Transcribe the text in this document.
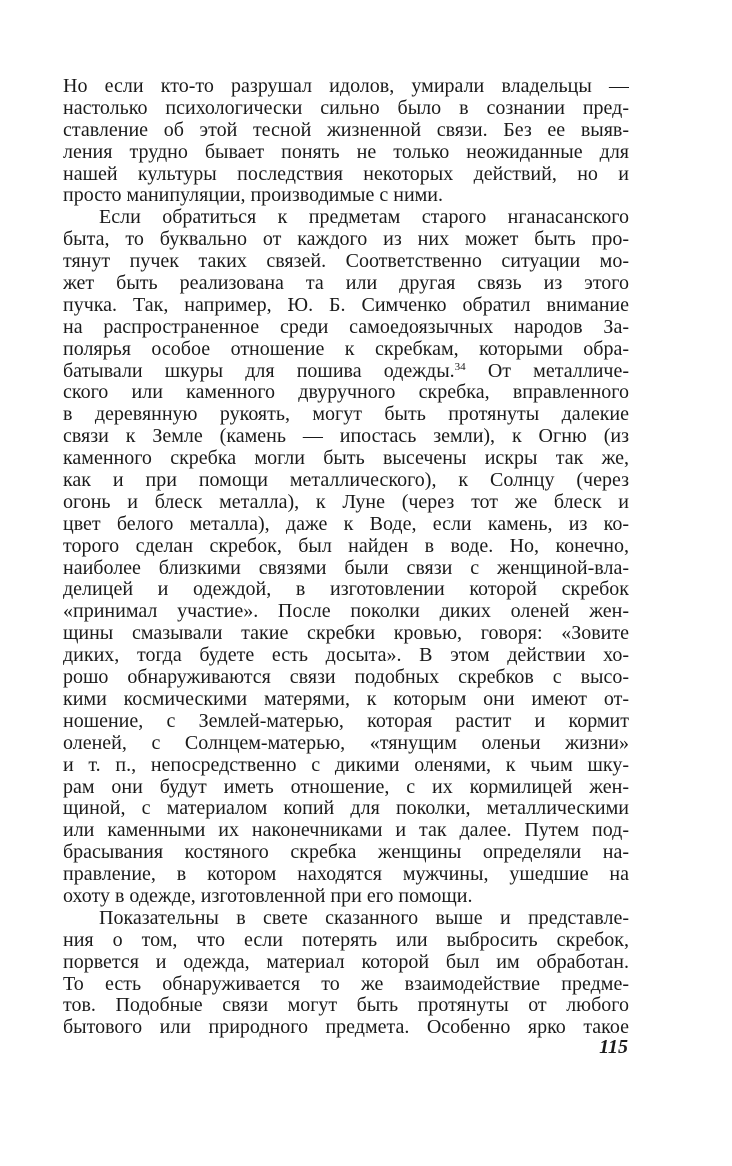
Но если кто-то разрушал идолов, умирали владельцы —
настолько психологически сильно было в сознании пред-
ставление об этой тесной жизненной связи. Без ее выяв-
ления трудно бывает понять не только неожиданные для
нашей культуры последствия некоторых действий, но и
просто манипуляции, производимые с ними.
Если обратиться к предметам старого нганасанского
быта, то буквально от каждого из них может быть про-
тянут пучек таких связей. Соответственно ситуации мо-
жет быть реализована та или другая связь из этого
пучка. Так, например, Ю. Б. Симченко обратил внимание
на распространенное среди самоедоязычных народов За-
полярья особое отношение к скребкам, которыми обра-
батывали шкуры для пошива одежды.$^{34}$ От металличе-
ского или каменного двуручного скребка, вправленного
в деревянную рукоять, могут быть протянуты далекие
связи к Земле (камень — ипостась земли), к Огню (из
каменного скребка могли быть высечены искры так же,
как и при помощи металлического), к Солнцу (через
огонь и блеск металла), к Луне (через тот же блеск и
цвет белого металла), даже к Воде, если камень, из ко-
торого сделан скребок, был найден в воде. Но, конечно,
наиболее близкими связями были связи с женщиной-вла-
делицей и одеждой, в изготовлении которой скребок
«принимал участие». После поколки диких оленей жен-
щины смазывали такие скребки кровью, говоря: «Зовите
диких, тогда будете есть досыта». В этом действии хо-
рошо обнаруживаются связи подобных скребков с высо-
кими космическими матерями, к которым они имеют от-
ношение, с Землей-матерью, которая растит и кормит
оленей, с Солнцем-матерью, «тянущим оленьи жизни»
и т. п., непосредственно с дикими оленями, к чьим шку-
рам они будут иметь отношение, с их кормилицей жен-
щиной, с материалом копий для поколки, металлическими
или каменными их наконечниками и так далее. Путем под-
брасывания костяного скребка женщины определяли на-
правление, в котором находятся мужчины, ушедшие на
охоту в одежде, изготовленной при его помощи.
Показательны в свете сказанного выше и представле-
ния о том, что если потерять или выбросить скребок,
порвется и одежда, материал которой был им обработан.
То есть обнаруживается то же взаимодействие предме-
тов. Подобные связи могут быть протянуты от любого
бытового или природного предмета. Особенно ярко такое
115
